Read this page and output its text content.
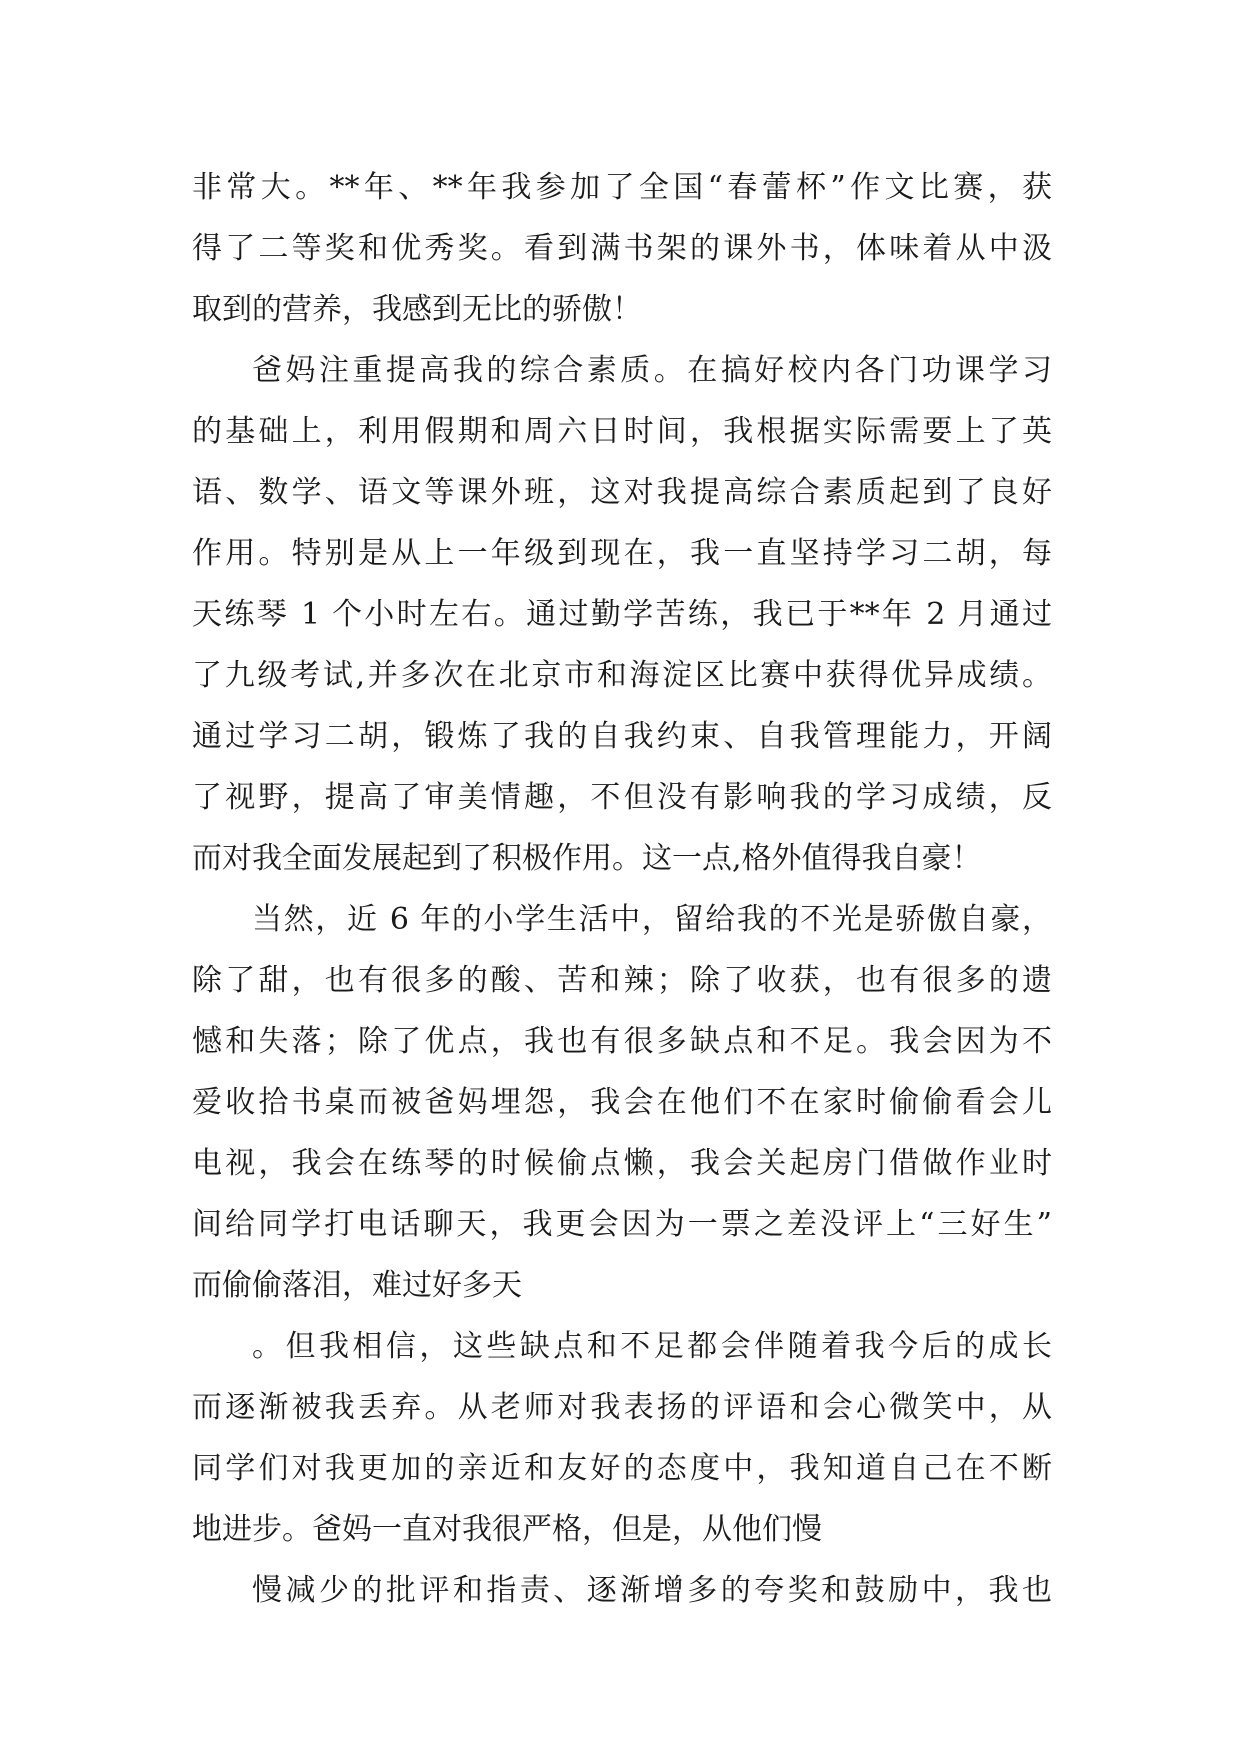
非常大。**年、**年我参加了全国“春蕾杯”作文比赛，获
得了二等奖和优秀奖。看到满书架的课外书，体味着从中汲
取到的营养，我感到无比的骄傲！
爸妈注重提高我的综合素质。在搞好校内各门功课学习
的基础上，利用假期和周六日时间，我根据实际需要上了英
语、数学、语文等课外班，这对我提高综合素质起到了良好
作用。特别是从上一年级到现在，我一直坚持学习二胡，每
天练琴 1 个小时左右。通过勤学苦练，我已于**年 2 月通过
了九级考试,并多次在北京市和海淀区比赛中获得优异成绩。
通过学习二胡，锻炼了我的自我约束、自我管理能力，开阔
了视野，提高了审美情趣，不但没有影响我的学习成绩，反
而对我全面发展起到了积极作用。这一点,格外值得我自豪！
当然，近 6 年的小学生活中，留给我的不光是骄傲自豪，
除了甜，也有很多的酸、苦和辣；除了收获，也有很多的遗
憾和失落；除了优点，我也有很多缺点和不足。我会因为不
爱收拾书桌而被爸妈埋怨，我会在他们不在家时偷偷看会儿
电视，我会在练琴的时候偷点懒，我会关起房门借做作业时
间给同学打电话聊天，我更会因为一票之差没评上“三好生”
而偷偷落泪，难过好多天
。但我相信，这些缺点和不足都会伴随着我今后的成长
而逐渐被我丢弃。从老师对我表扬的评语和会心微笑中，从
同学们对我更加的亲近和友好的态度中，我知道自己在不断
地进步。爸妈一直对我很严格，但是，从他们慢
慢减少的批评和指责、逐渐增多的夸奖和鼓励中，我也
